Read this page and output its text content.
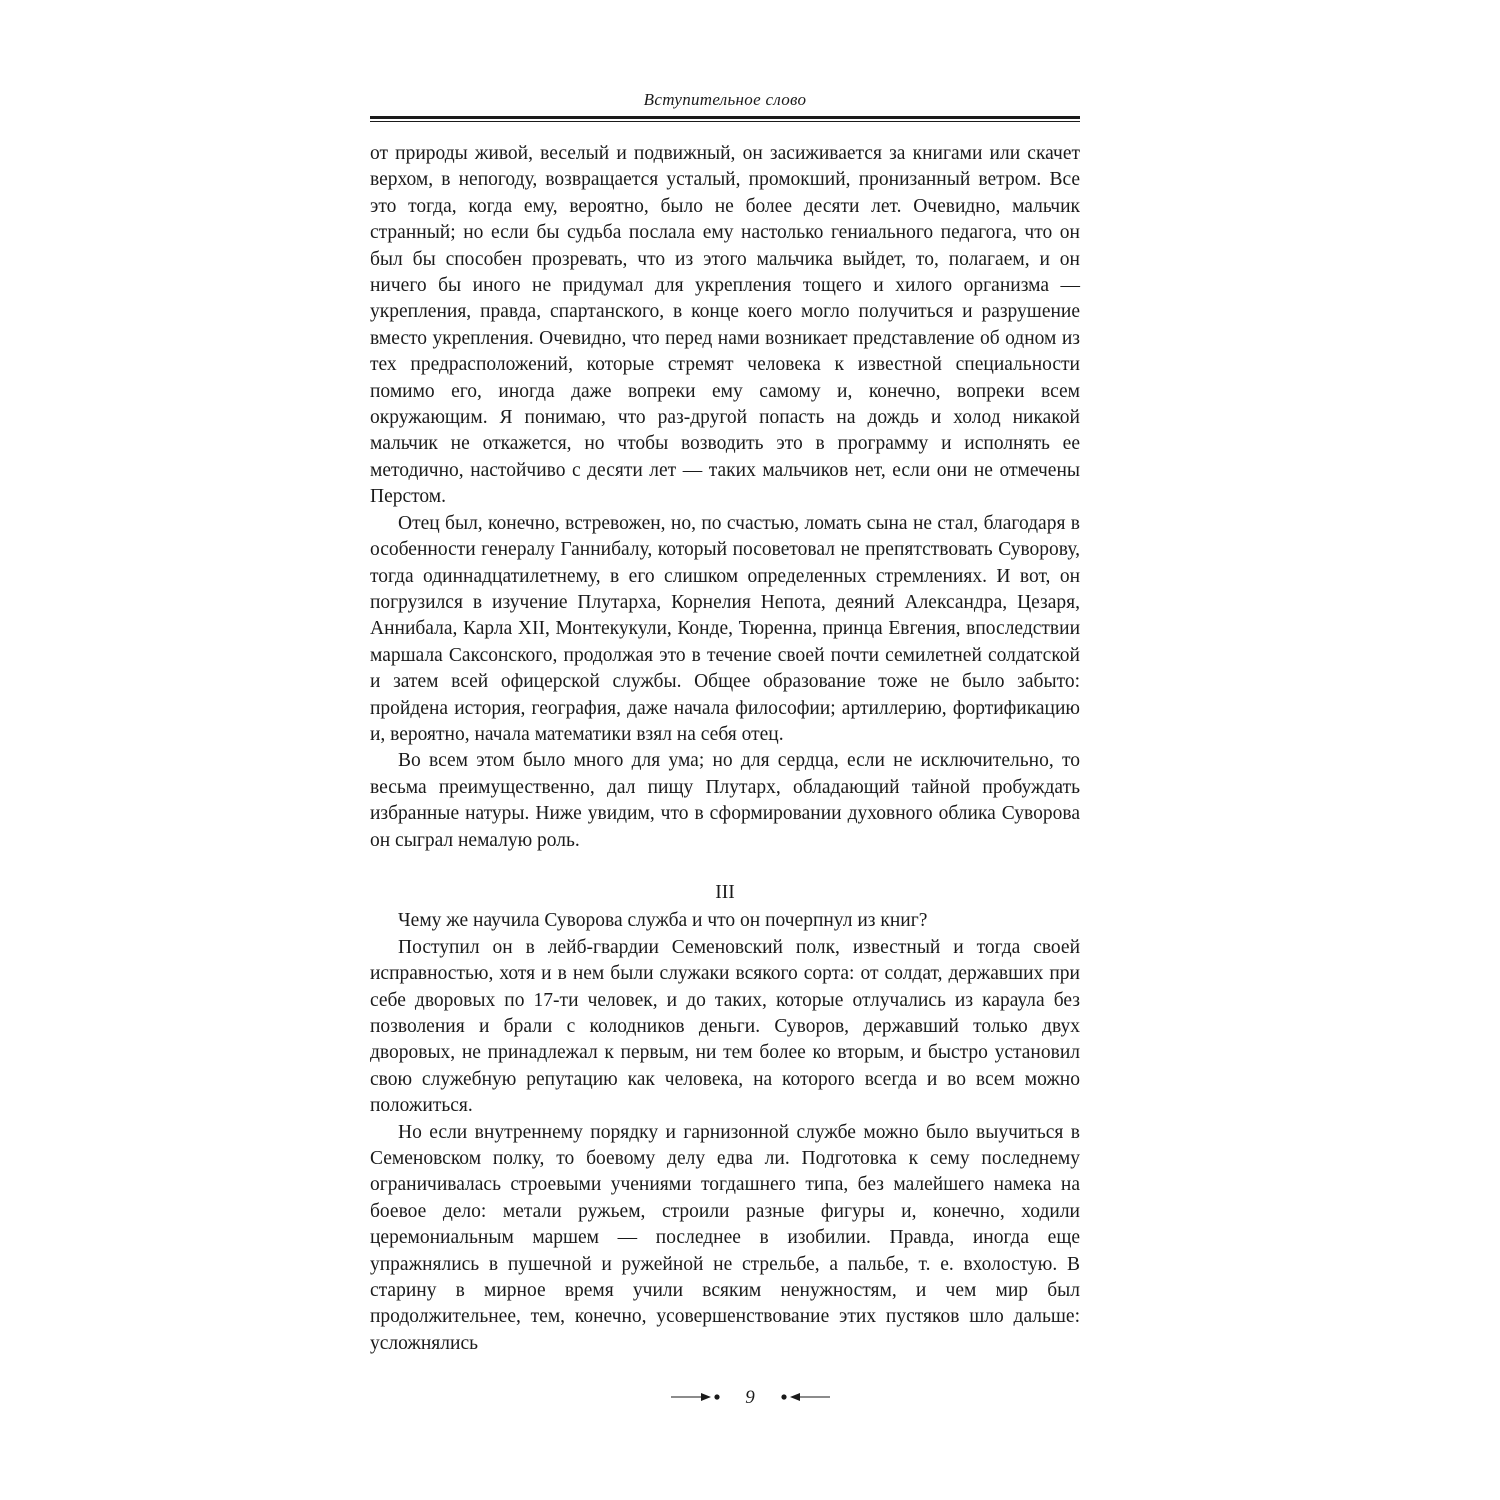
Вступительное слово

от природы живой, веселый и подвижный, он засиживается за книгами или скачет верхом, в непогоду, возвращается усталый, промокший, пронизанный ветром. Все это тогда, когда ему, вероятно, было не более десяти лет. Очевидно, мальчик странный; но если бы судьба послала ему настолько гениального педагога, что он был бы способен прозревать, что из этого мальчика выйдет, то, полагаем, и он ничего бы иного не придумал для укрепления тощего и хилого организма — укрепления, правда, спартанского, в конце коего могло получиться и разрушение вместо укрепления. Очевидно, что перед нами возникает представление об одном из тех предрасположений, которые стремят человека к известной специальности помимо его, иногда даже вопреки ему самому и, конечно, вопреки всем окружающим. Я понимаю, что раз-другой попасть на дождь и холод никакой мальчик не откажется, но чтобы возводить это в программу и исполнять ее методично, настойчиво с десяти лет — таких мальчиков нет, если они не отмечены Перстом.

Отец был, конечно, встревожен, но, по счастью, ломать сына не стал, благодаря в особенности генералу Ганнибалу, который посоветовал не препятствовать Суворову, тогда одиннадцатилетнему, в его слишком определенных стремлениях. И вот, он погрузился в изучение Плутарха, Корнелия Непота, деяний Александра, Цезаря, Аннибала, Карла XII, Монтекукули, Конде, Тюренна, принца Евгения, впоследствии маршала Саксонского, продолжая это в течение своей почти семилетней солдатской и затем всей офицерской службы. Общее образование тоже не было забыто: пройдена история, география, даже начала философии; артиллерию, фортификацию и, вероятно, начала математики взял на себя отец.

Во всем этом было много для ума; но для сердца, если не исключительно, то весьма преимущественно, дал пищу Плутарх, обладающий тайной пробуждать избранные натуры. Ниже увидим, что в сформировании духовного облика Суворова он сыграл немалую роль.

III

Чему же научила Суворова служба и что он почерпнул из книг?

Поступил он в лейб-гвардии Семеновский полк, известный и тогда своей исправностью, хотя и в нем были служаки всякого сорта: от солдат, державших при себе дворовых по 17-ти человек, и до таких, которые отлучались из караула без позволения и брали с колодников деньги. Суворов, державший только двух дворовых, не принадлежал к первым, ни тем более ко вторым, и быстро установил свою служебную репутацию как человека, на которого всегда и во всем можно положиться.

Но если внутреннему порядку и гарнизонной службе можно было выучиться в Семеновском полку, то боевому делу едва ли. Подготовка к сему последнему ограничивалась строевыми учениями тогдашнего типа, без малейшего намека на боевое дело: метали ружьем, строили разные фигуры и, конечно, ходили церемониальным маршем — последнее в изобилии. Правда, иногда еще упражнялись в пушечной и ружейной не стрельбе, а пальбе, т. е. вхолостую. В старину в мирное время учили всяким ненужностям, и чем мир был продолжительнее, тем, конечно, усовершенствование этих пустяков шло дальше: усложнялись

9
